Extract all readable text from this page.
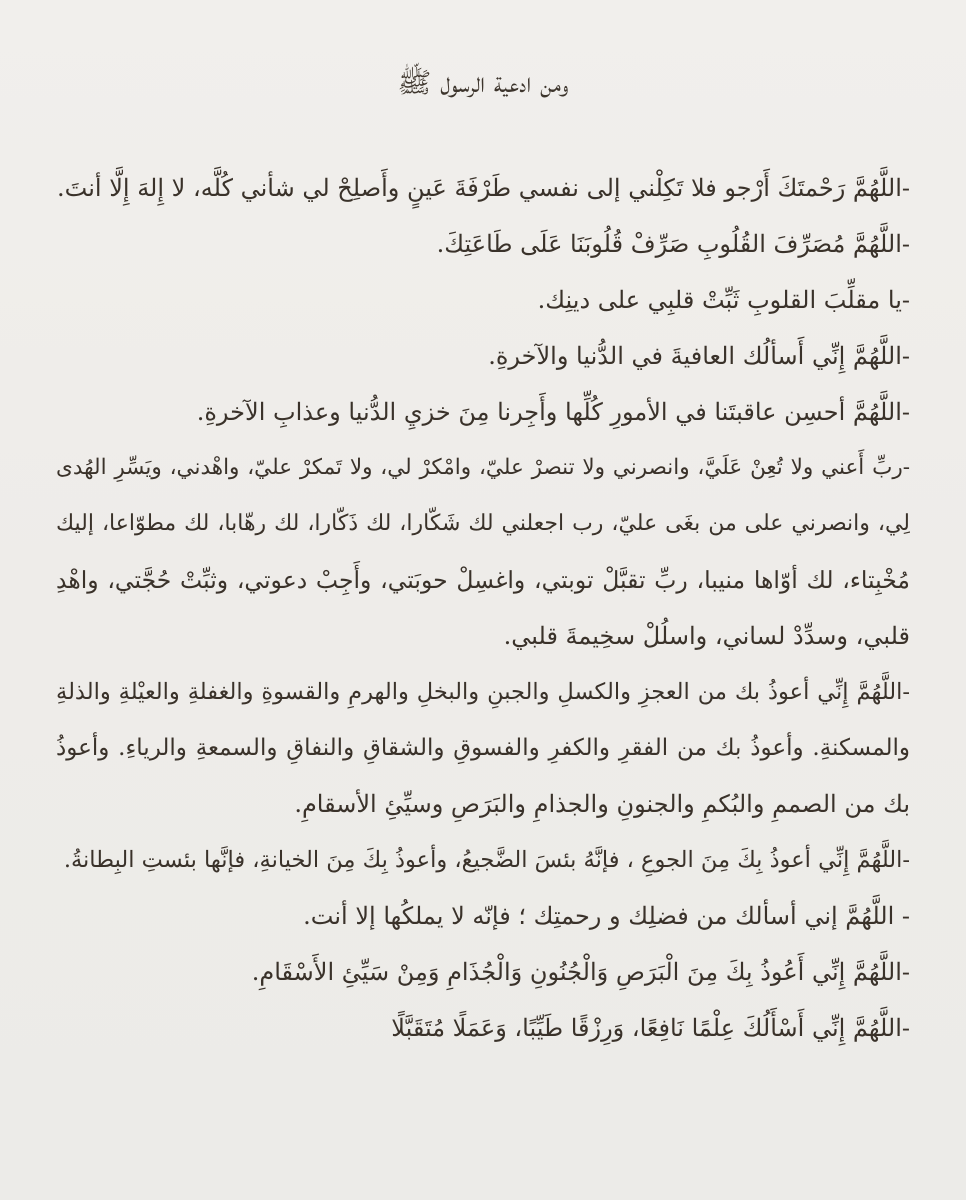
ومن ادعية الرسول ﷺ
-اللَّهُمَّ رَحْمتَكَ أَرْجو فلا تَكِلْني إلى نفسي طَرْفَةَ عَينٍ وأَصلِحْ لي شأني كُلَّه، لا إِلهَ إِلَّا أنتَ.
-اللَّهُمَّ مُصَرِّفَ القُلُوبِ صَرِّفْ قُلُوبَنَا عَلَى طَاعَتِكَ.
-يا مقلِّبَ القلوبِ ثَبِّتْ قلبِي على دينِك.
-اللَّهُمَّ إِنِّي أَسألُك العافيةَ في الدُّنيا والآخرةِ.
-اللَّهُمَّ أحسِن عاقبتَنا في الأمورِ كُلِّها وأَجِرنا مِنَ خزيِ الدُّنيا وعذابِ الآخرةِ.
-ربِّ أَعني ولا تُعِنْ عَلَيَّ، وانصرني ولا تنصرْ عليّ، وامْكرْ لي، ولا تَمكرْ عليّ، واهْدني، ويَسِّرِ الهُدى
لِي، وانصرني على من بغَى عليّ، رب اجعلني لك شَكّارا، لك ذَكّارا، لك رهّابا، لك مطوّاعا، إليك
مُخْبِتاء، لك أوّاها منيبا، ربِّ تقبَّلْ توبتي، واغسِلْ حوبَتي، وأَجِبْ دعوتي، وثبِّتْ حُجَّتي، واهْدِ
قلبي، وسدِّدْ لساني، واسلُلْ سخِيمةَ قلبي.
-اللَّهُمَّ إِنِّي أعوذُ بك من العجزِ والكسلِ والجبنِ والبخلِ والهرمِ والقسوةِ والغفلةِ والعيْلةِ والذلةِ
والمسكنةِ. وأعوذُ بك من الفقرِ والكفرِ والفسوقِ والشقاقِ والنفاقِ والسمعةِ والرياءِ. وأعوذُ
بك من الصممِ والبُكمِ والجنونِ والجذامِ والبَرَصِ وسيِّئِ الأسقامِ.
-اللَّهُمَّ إِنِّي أعوذُ بِكَ مِنَ الجوعِ ، فإنَّهُ بئسَ الضَّجيعُ، وأعوذُ بِكَ مِنَ الخيانةِ، فإنَّها بئستِ البِطانةُ.
- اللَّهُمَّ إني أسألك من فضلِك و رحمتِك ؛ فإنّه لا يملكُها إلا أنت.
-اللَّهُمَّ إِنِّي أَعُوذُ بِكَ مِنَ الْبَرَصِ وَالْجُنُونِ وَالْجُذَامِ وَمِنْ سَيِّئِ الأَسْقَامِ.
-اللَّهُمَّ إِنِّي أَسْأَلُكَ عِلْمًا نَافِعًا، وَرِزْقًا طَيِّبًا، وَعَمَلًا مُتَقَبَّلًا
